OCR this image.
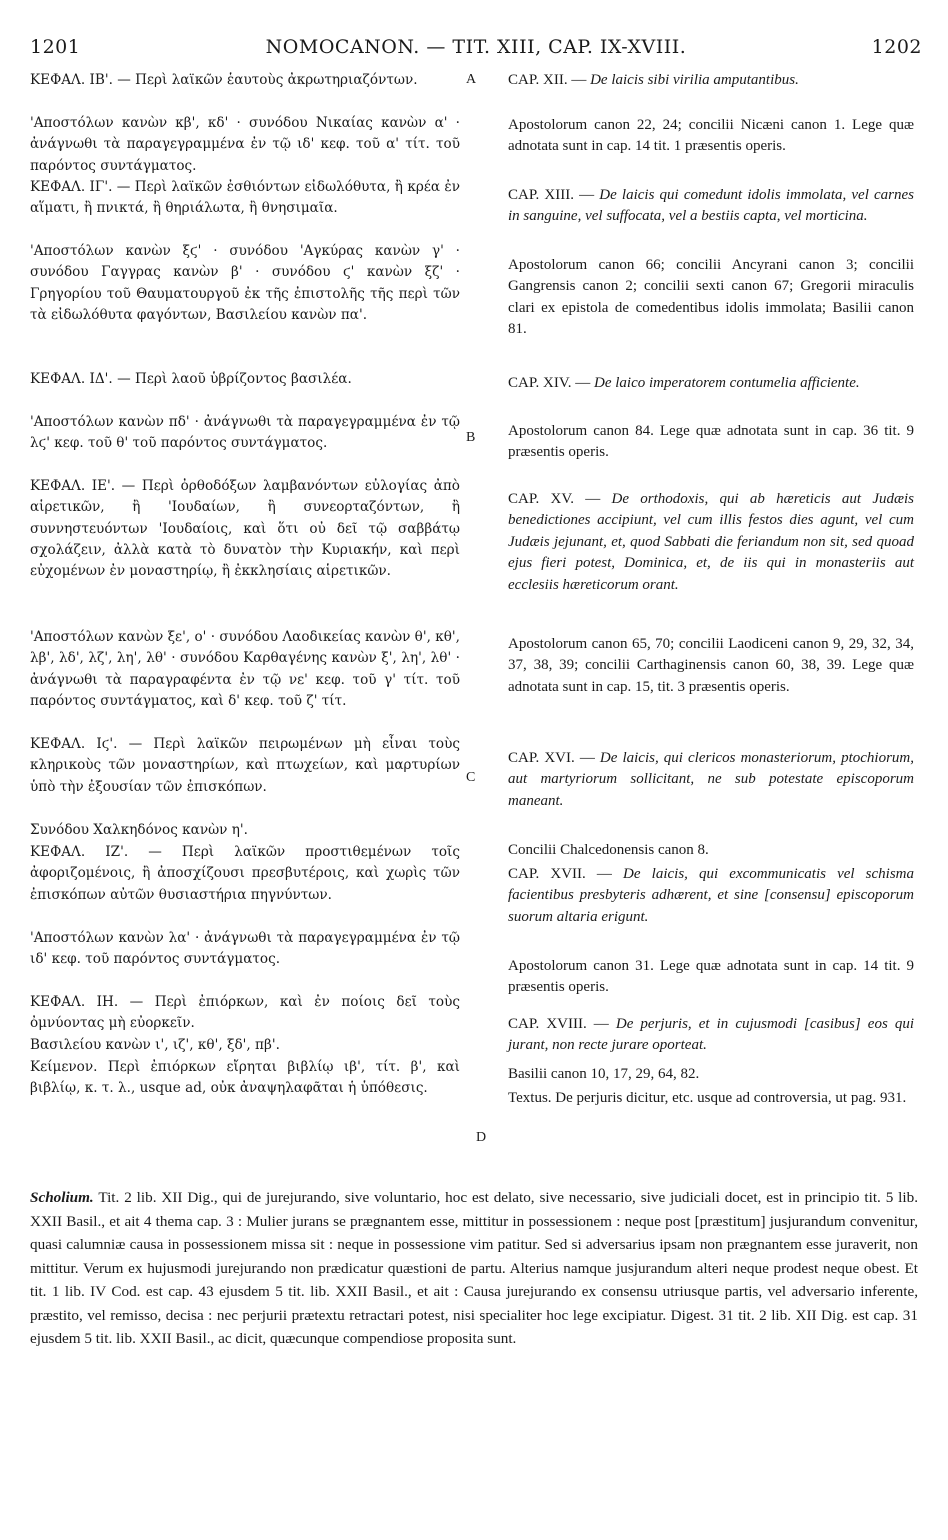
1201	NOMOCANON. — TIT. XIII, CAP. IX-XVIII.	1202

ΚΕΦΑΛ. ΙΒ'. — Περὶ λαϊκῶν ἑαυτοὺς ἀκρωτηριαζόντων.

'Αποστόλων κανὼν κβ', κδ' · συνόδου Νικαίας κανὼν α' · ἀνάγνωθι τὰ παραγεγραμμένα ἐν τῷ ιδ' κεφ. τοῦ α' τίτ. τοῦ παρόντος συντάγματος.

ΚΕΦΑΛ. ΙΓ'. — Περὶ λαϊκῶν ἐσθιόντων εἰδωλόθυτα, ἢ κρέα ἐν αἵματι, ἢ πνικτά, ἢ θηριάλωτα, ἢ θνησιμαῖα.

'Αποστόλων κανὼν ξϛ' · συνόδου 'Αγκύρας κανὼν γ' · συνόδου Γαγγρας κανὼν β' · συνόδου ϛ' κανὼν ξζ' · Γρηγορίου τοῦ Θαυματουργοῦ ἐκ τῆς ἐπιστολῆς τῆς περὶ τῶν τὰ εἰδωλόθυτα φαγόντων, Βασιλείου κανὼν πα'.

ΚΕΦΑΛ. ΙΔ'. — Περὶ λαοῦ ὑβρίζοντος βασιλέα.

'Αποστόλων κανὼν πδ' · ἀνάγνωθι τὰ παραγεγραμμένα ἐν τῷ λϛ' κεφ. τοῦ θ' τοῦ παρόντος συντάγματος.

ΚΕΦΑΛ. ΙΕ'. — Περὶ ὀρθοδόξων λαμβανόντων εὐλογίας ἀπὸ αἱρετικῶν, ἢ 'Ιουδαίων, ἢ συνεορταζόντων, ἢ συννηστευόντων 'Ιουδαίοις, καὶ ὅτι οὐ δεῖ τῷ σαββάτῳ σχολάζειν, ἀλλὰ κατὰ τὸ δυνατὸν τὴν Κυριακήν, καὶ περὶ εὐχομένων ἐν μοναστηρίῳ, ἢ ἐκκλησίαις αἱρετικῶν.

'Αποστόλων κανὼν ξε', ο' · συνόδου Λαοδικείας κανὼν θ', κθ', λβ', λδ', λζ', λη', λθ' · συνόδου Καρθαγένης κανὼν ξ', λη', λθ' · ἀνάγνωθι τὰ παραγραφέντα ἐν τῷ νε' κεφ. τοῦ γ' τίτ. τοῦ παρόντος συντάγματος, καὶ δ' κεφ. τοῦ ζ' τίτ.

ΚΕΦΑΛ. Ιϛ'. — Περὶ λαϊκῶν πειρωμένων μὴ εἶναι τοὺς κληρικοὺς τῶν μοναστηρίων, καὶ πτωχείων, καὶ μαρτυρίων ὑπὸ τὴν ἐξουσίαν τῶν ἐπισκόπων.

Συνόδου Χαλκηδόνος κανὼν η'.

ΚΕΦΑΛ. ΙΖ'. — Περὶ λαϊκῶν προστιθεμένων τοῖς ἀφοριζομένοις, ἢ ἀποσχίζουσι πρεσβυτέροις, καὶ χωρὶς τῶν ἐπισκόπων αὐτῶν θυσιαστήρια πηγνύντων.

'Αποστόλων κανὼν λα' · ἀνάγνωθι τὰ παραγεγραμμένα ἐν τῷ ιδ' κεφ. τοῦ παρόντος συντάγματος.

ΚΕΦΑΛ. ΙΗ. — Περὶ ἐπιόρκων, καὶ ἐν ποίοις δεῖ τοὺς ὀμνύοντας μὴ εὐορκεῖν.

Βασιλείου κανὼν ι', ιζ', κθ', ξδ', πβ'.

Κείμενον. Περὶ ἐπιόρκων εἴρηται βιβλίῳ ιβ', τίτ. β', καὶ βιβλίῳ, κ. τ. λ., usque ad, οὐκ ἀναψηλαφᾶται ἡ ὑπόθεσις.

A
B
C
D

CAP. XII. — De laicis sibi virilia amputantibus.

Apostolorum canon 22, 24; concilii Nicæni canon 1. Lege quæ adnotata sunt in cap. 14 tit. 1 præsentis operis.

CAP. XIII. — De laicis qui comedunt idolis immolata, vel carnes in sanguine, vel suffocata, vel a bestiis capta, vel morticina.

Apostolorum canon 66; concilii Ancyrani canon 3; concilii Gangrensis canon 2; concilii sexti canon 67; Gregorii miraculis clari ex epistola de comedentibus idolis immolata; Basilii canon 81.

CAP. XIV. — De laico imperatorem contumelia afficiente.

Apostolorum canon 84. Lege quæ adnotata sunt in cap. 36 tit. 9 præsentis operis.

CAP. XV. — De orthodoxis, qui ab hæreticis aut Judæis benedictiones accipiunt, vel cum illis festos dies agunt, vel cum Judæis jejunant, et, quod Sabbati die feriandum non sit, sed quoad ejus fieri potest, Dominica, et, de iis qui in monasteriis aut ecclesiis hæreticorum orant.

Apostolorum canon 65, 70; concilii Laodiceni canon 9, 29, 32, 34, 37, 38, 39; concilii Carthaginensis canon 60, 38, 39. Lege quæ adnotata sunt in cap. 15, tit. 3 præsentis operis.

CAP. XVI. — De laicis, qui clericos monasteriorum, ptochiorum, aut martyriorum sollicitant, ne sub potestate episcoporum maneant.

Concilii Chalcedonensis canon 8.

CAP. XVII. — De laicis, qui excommunicatis vel schisma facientibus presbyteris adhærent, et sine [consensu] episcoporum suorum altaria erigunt.

Apostolorum canon 31. Lege quæ adnotata sunt in cap. 14 tit. 9 præsentis operis.

CAP. XVIII. — De perjuris, et in cujusmodi [casibus] eos qui jurant, non recte jurare oporteat.

Basilii canon 10, 17, 29, 64, 82.

Textus. De perjuris dicitur, etc. usque ad controversia, ut pag. 931.

Scholium. Tit. 2 lib. XII Dig., qui de jurejurando, sive voluntario, hoc est delato, sive necessario, sive judiciali docet, est in principio tit. 5 lib. XXII Basil., et ait 4 thema cap. 3 : Mulier jurans se prægnantem esse, mittitur in possessionem : neque post [præstitum] jusjurandum convenitur, quasi calumniæ causa in possessionem missa sit : neque in possessione vim patitur. Sed si adversarius ipsam non prægnantem esse juraverit, non mittitur. Verum ex hujusmodi jurejurando non prædicatur quæstioni de partu. Alterius namque jusjurandum alteri neque prodest neque obest. Et tit. 1 lib. IV Cod. est cap. 43 ejusdem 5 tit. lib. XXII Basil., et ait : Causa jurejurando ex consensu utriusque partis, vel adversario inferente, præstito, vel remisso, decisa : nec perjurii prætextu retractari potest, nisi specialiter hoc lege excipiatur. Digest. 31 tit. 2 lib. XII Dig. est cap. 31 ejusdem 5 tit. lib. XXII Basil., ac dicit, quæcunque compendiose proposita sunt.
